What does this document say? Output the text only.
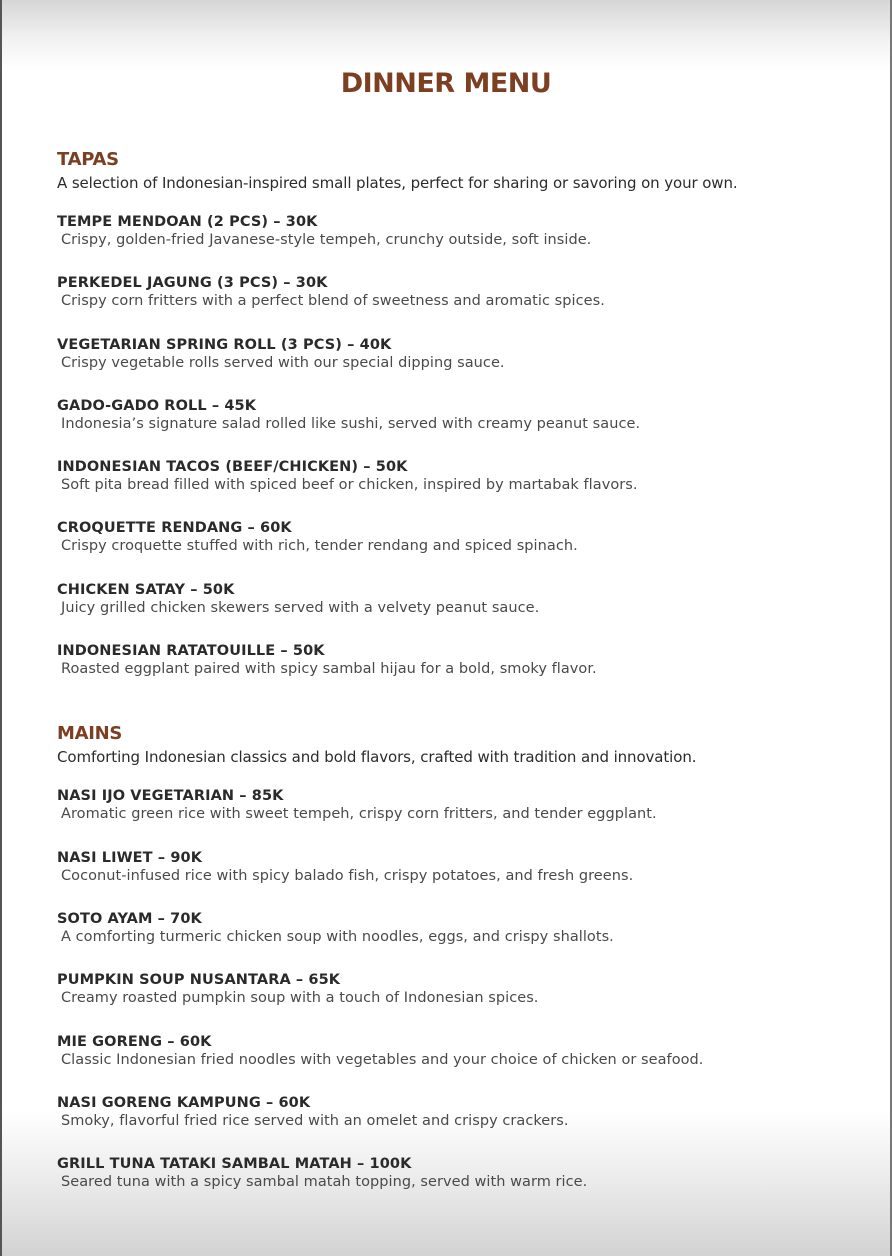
DINNER MENU
TAPAS

A selection of Indonesian-inspired small plates, perfect for sharing or savoring on your own.

TEMPE MENDOAN (2 PCS) – 30K

Crispy, golden-fried Javanese-style tempeh, crunchy outside, soft inside.

PERKEDEL JAGUNG (3 PCS) – 30K

Crispy corn fritters with a perfect blend of sweetness and aromatic spices.

VEGETARIAN SPRING ROLL (3 PCS) – 40K

Crispy vegetable rolls served with our special dipping sauce.

GADO-GADO ROLL – 45K

Indonesia’s signature salad rolled like sushi, served with creamy peanut sauce.

INDONESIAN TACOS (BEEF/CHICKEN) – 50K

Soft pita bread filled with spiced beef or chicken, inspired by martabak flavors.

CROQUETTE RENDANG – 60K

Crispy croquette stuffed with rich, tender rendang and spiced spinach.

CHICKEN SATAY – 50K

Juicy grilled chicken skewers served with a velvety peanut sauce.

INDONESIAN RATATOUILLE – 50K

Roasted eggplant paired with spicy sambal hijau for a bold, smoky flavor.

MAINS

Comforting Indonesian classics and bold flavors, crafted with tradition and innovation.

NASI IJO VEGETARIAN – 85K

Aromatic green rice with sweet tempeh, crispy corn fritters, and tender eggplant.

NASI LIWET – 90K

Coconut-infused rice with spicy balado fish, crispy potatoes, and fresh greens.

SOTO AYAM – 70K

A comforting turmeric chicken soup with noodles, eggs, and crispy shallots.

PUMPKIN SOUP NUSANTARA – 65K

Creamy roasted pumpkin soup with a touch of Indonesian spices.

MIE GORENG – 60K

Classic Indonesian fried noodles with vegetables and your choice of chicken or seafood.

NASI GORENG KAMPUNG – 60K

Smoky, flavorful fried rice served with an omelet and crispy crackers.

GRILL TUNA TATAKI SAMBAL MATAH – 100K

Seared tuna with a spicy sambal matah topping, served with warm rice.
